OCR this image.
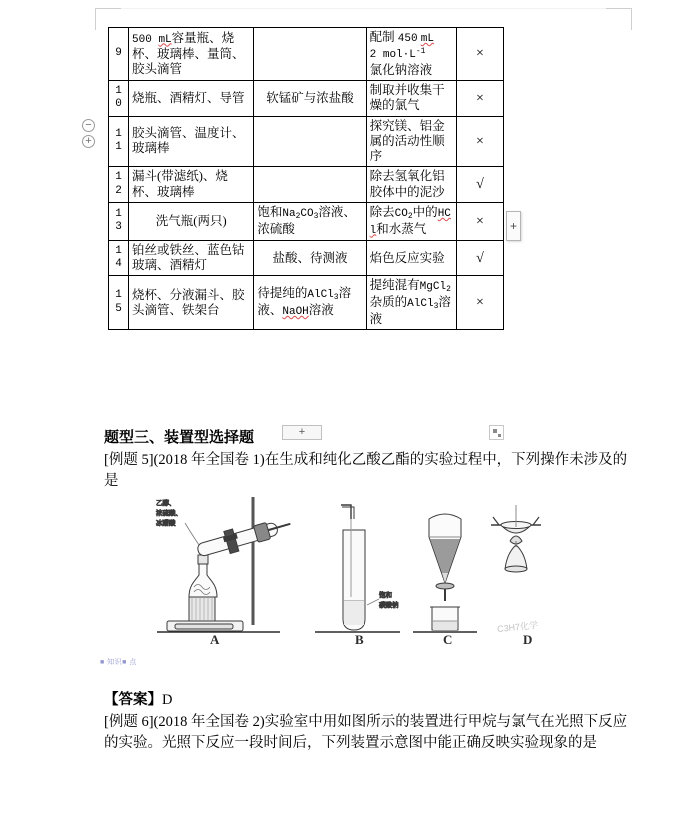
−
+
9	500 mL容量瓶、烧杯、玻璃棒、量筒、胶头滴管		配制 450 mL
2 $mol\cdot L^{-1}$
氯化钠溶液	×
10	烧瓶、酒精灯、导管	软锰矿与浓盐酸	制取并收集干燥的氯气	×
11	胶头滴管、温度计、玻璃棒		探究镁、铝金属的活动性顺序	×
12	漏斗(带滤纸)、烧杯、玻璃棒		除去氢氧化铝胶体中的泥沙	√
13	洗气瓶(两只)	饱和$Na_2CO_3$溶液、浓硫酸	除去$CO_2$中的HCl和水蒸气	×
14	铂丝或铁丝、蓝色钴玻璃、酒精灯	盐酸、待测液	焰色反应实验	√
15	烧杯、分液漏斗、胶头滴管、铁架台	待提纯的AlCl$_3$溶液、NaOH溶液	提纯混有MgCl$_2$杂质的AlCl$_3$溶液	×
+
+
题型三、装置型选择题
[例题 5](2018 年全国卷 1)在生成和纯化乙酸乙酯的实验过程中，下列操作未涉及的是
【答案】D
[例题 6](2018 年全国卷 2)实验室中用如图所示的装置进行甲烷与氯气在光照下反应的实验。光照下反应一段时间后，下列装置示意图中能正确反映实验现象的是
乙醇、
浓硫酸、
冰醋酸
饱和
碳酸钠
A	B	C	D
C3H7化学
■ 知识■ 点
